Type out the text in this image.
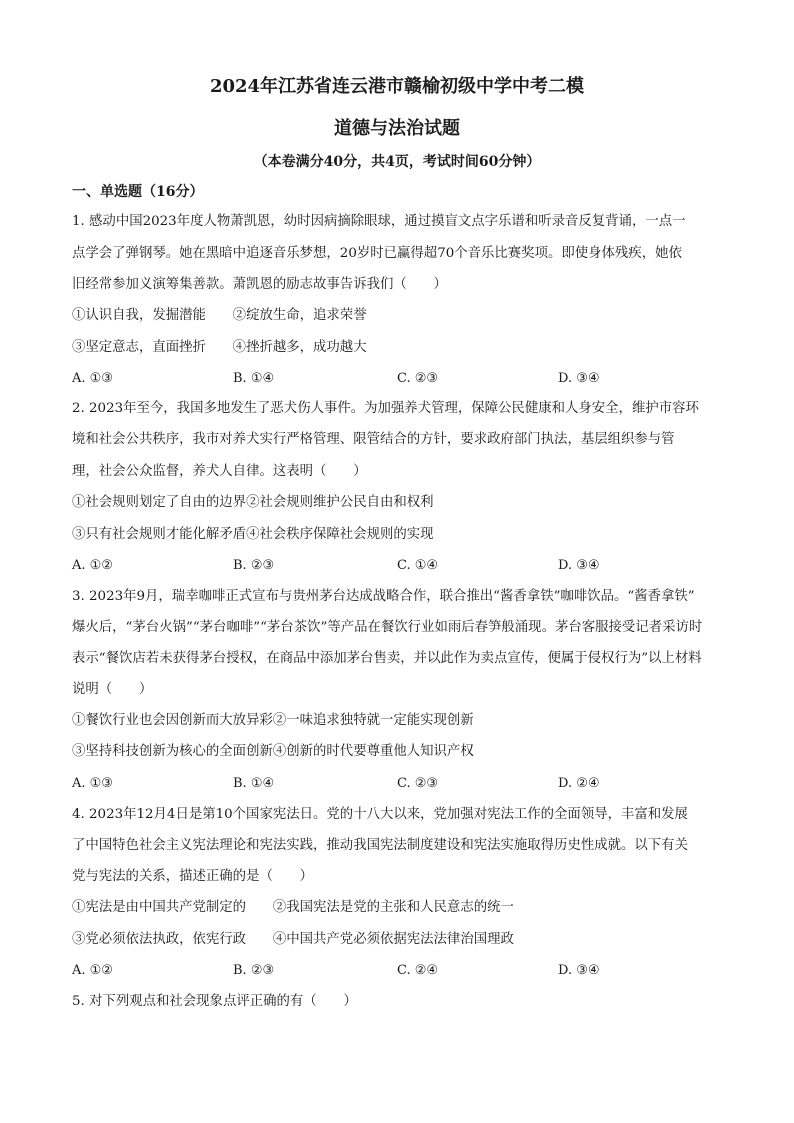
2024年江苏省连云港市赣榆初级中学中考二模
道德与法治试题
（本卷满分40分，共4页，考试时间60分钟）
一、单选题（16分）
1. 感动中国2023年度人物萧凯恩，幼时因病摘除眼球，通过摸盲文点字乐谱和听录音反复背诵，一点一
点学会了弹钢琴。她在黑暗中追逐音乐梦想，20岁时已赢得超70个音乐比赛奖项。即使身体残疾，她依
旧经常参加义演筹集善款。萧凯恩的励志故事告诉我们（　　）
①认识自我，发掘潜能　　②绽放生命，追求荣誉
③坚定意志，直面挫折　　④挫折越多，成功越大
A. ①③	B. ①④	C. ②③	D. ③④
2. 2023年至今，我国多地发生了恶犬伤人事件。为加强养犬管理，保障公民健康和人身安全，维护市容环
境和社会公共秩序，我市对养犬实行严格管理、限管结合的方针，要求政府部门执法，基层组织参与管
理，社会公众监督，养犬人自律。这表明（　　）
①社会规则划定了自由的边界②社会规则维护公民自由和权利
③只有社会规则才能化解矛盾④社会秩序保障社会规则的实现
A. ①②	B. ②③	C. ①④	D. ③④
3. 2023年9月，瑞幸咖啡正式宣布与贵州茅台达成战略合作，联合推出“酱香拿铁”咖啡饮品。“酱香拿铁”
爆火后，“茅台火锅”“茅台咖啡”“茅台茶饮”等产品在餐饮行业如雨后春笋般涌现。茅台客服接受记者采访时
表示“餐饮店若未获得茅台授权，在商品中添加茅台售卖，并以此作为卖点宣传，便属于侵权行为”以上材料
说明（　　）
①餐饮行业也会因创新而大放异彩②一味追求独特就一定能实现创新
③坚持科技创新为核心的全面创新④创新的时代要尊重他人知识产权
A. ①③	B. ①④	C. ②③	D. ②④
4. 2023年12月4日是第10个国家宪法日。党的十八大以来，党加强对宪法工作的全面领导，丰富和发展
了中国特色社会主义宪法理论和宪法实践，推动我国宪法制度建设和宪法实施取得历史性成就。以下有关
党与宪法的关系，描述正确的是（　　）
①宪法是由中国共产党制定的　　②我国宪法是党的主张和人民意志的统一
③党必须依法执政，依宪行政　　④中国共产党必须依据宪法法律治国理政
A. ①②	B. ②③	C. ②④	D. ③④
5. 对下列观点和社会现象点评正确的有（　　）
